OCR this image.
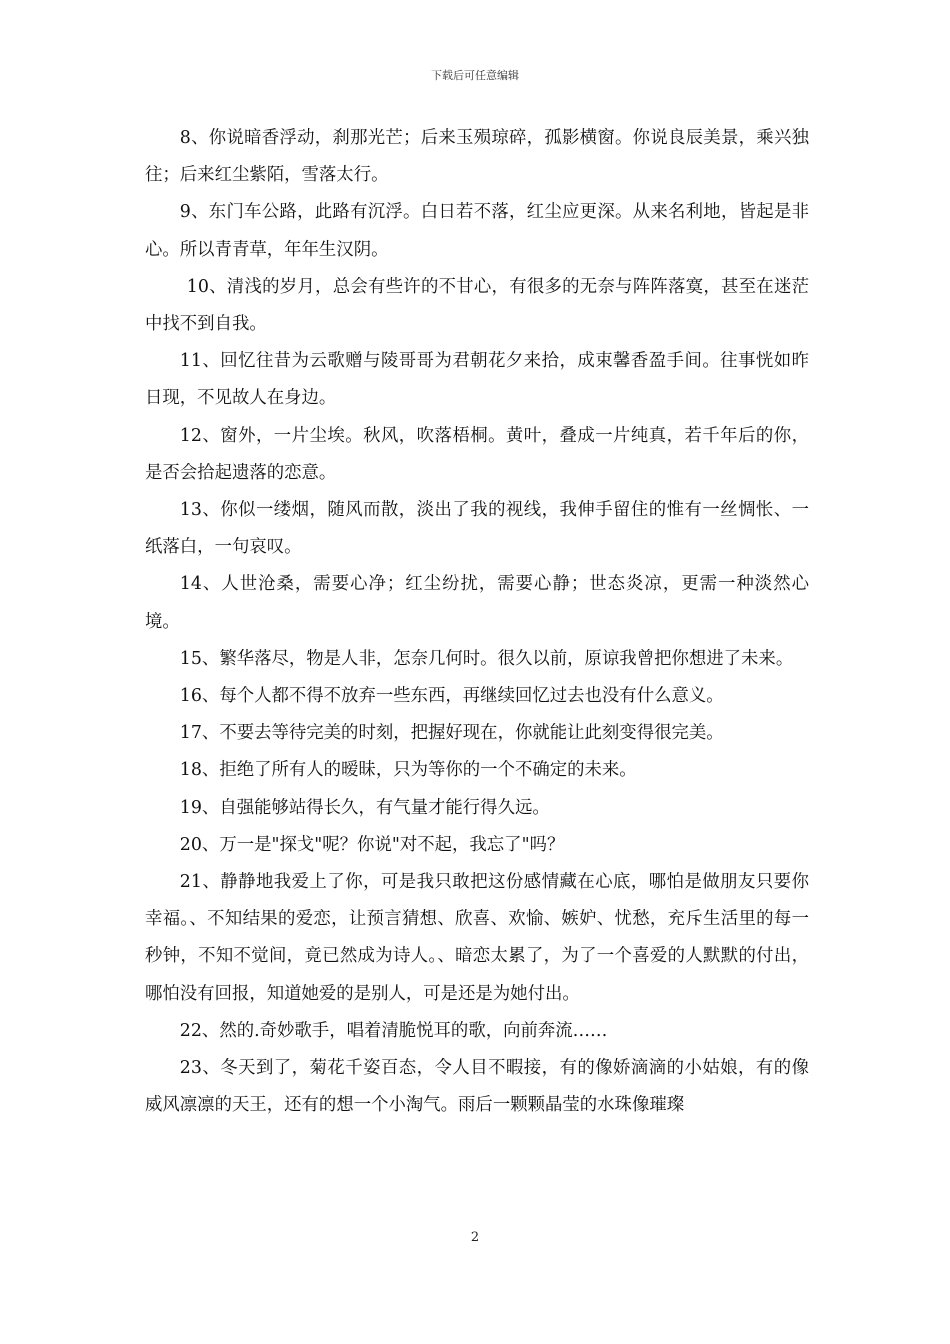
下载后可任意编辑

8、你说暗香浮动，刹那光芒；后来玉殒琼碎，孤影横窗。你说良辰美景，乘兴独往；后来红尘紫陌，雪落太行。

9、东门车公路，此路有沉浮。白日若不落，红尘应更深。从来名利地，皆起是非心。所以青青草，年年生汉阴。

10、清浅的岁月，总会有些许的不甘心，有很多的无奈与阵阵落寞，甚至在迷茫中找不到自我。

11、回忆往昔为云歌赠与陵哥哥为君朝花夕来拾，成束馨香盈手间。往事恍如昨日现，不见故人在身边。

12、窗外，一片尘埃。秋风，吹落梧桐。黄叶，叠成一片纯真，若千年后的你，是否会拾起遗落的恋意。

13、你似一缕烟，随风而散，淡出了我的视线，我伸手留住的惟有一丝惆怅、一纸落白，一句哀叹。

14、人世沧桑，需要心净；红尘纷扰，需要心静；世态炎凉，更需一种淡然心境。

15、繁华落尽，物是人非，怎奈几何时。很久以前，原谅我曾把你想进了未来。

16、每个人都不得不放弃一些东西，再继续回忆过去也没有什么意义。

17、不要去等待完美的时刻，把握好现在，你就能让此刻变得很完美。

18、拒绝了所有人的暧昧，只为等你的一个不确定的未来。

19、自强能够站得长久，有气量才能行得久远。

20、万一是"探戈"呢？你说"对不起，我忘了"吗？

21、静静地我爱上了你，可是我只敢把这份感情藏在心底，哪怕是做朋友只要你幸福。、不知结果的爱恋，让预言猜想、欣喜、欢愉、嫉妒、忧愁，充斥生活里的每一秒钟，不知不觉间，竟已然成为诗人。、暗恋太累了，为了一个喜爱的人默默的付出，哪怕没有回报，知道她爱的是别人，可是还是为她付出。

22、然的.奇妙歌手，唱着清脆悦耳的歌，向前奔流……

23、冬天到了，菊花千姿百态，令人目不暇接，有的像娇滴滴的小姑娘，有的像威风凛凛的天王，还有的想一个小淘气。雨后一颗颗晶莹的水珠像璀璨

2
